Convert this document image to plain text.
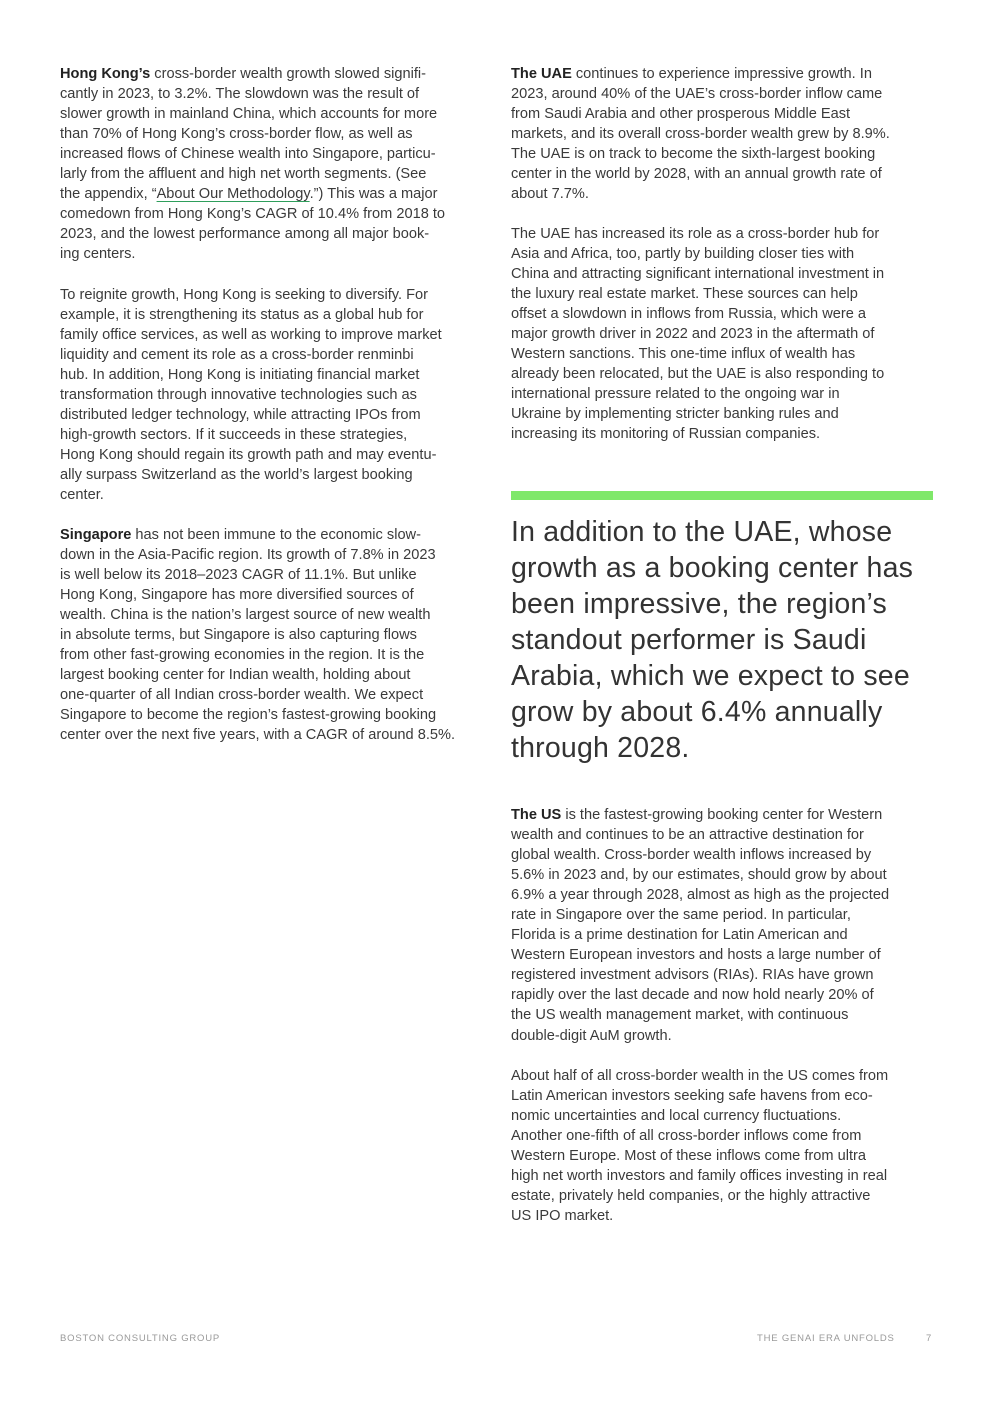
Hong Kong’s cross-border wealth growth slowed signifi-
cantly in 2023, to 3.2%. The slowdown was the result of
slower growth in mainland China, which accounts for more
than 70% of Hong Kong’s cross-border flow, as well as
increased flows of Chinese wealth into Singapore, particu-
larly from the affluent and high net worth segments. (See
the appendix, “About Our Methodology.”) This was a major
comedown from Hong Kong’s CAGR of 10.4% from 2018 to
2023, and the lowest performance among all major book-
ing centers.

To reignite growth, Hong Kong is seeking to diversify. For
example, it is strengthening its status as a global hub for
family office services, as well as working to improve market
liquidity and cement its role as a cross-border renminbi
hub. In addition, Hong Kong is initiating financial market
transformation through innovative technologies such as
distributed ledger technology, while attracting IPOs from
high-growth sectors. If it succeeds in these strategies,
Hong Kong should regain its growth path and may eventu-
ally surpass Switzerland as the world’s largest booking
center.

Singapore has not been immune to the economic slow-
down in the Asia-Pacific region. Its growth of 7.8% in 2023
is well below its 2018–2023 CAGR of 11.1%. But unlike
Hong Kong, Singapore has more diversified sources of
wealth. China is the nation’s largest source of new wealth
in absolute terms, but Singapore is also capturing flows
from other fast-growing economies in the region. It is the
largest booking center for Indian wealth, holding about
one-quarter of all Indian cross-border wealth. We expect
Singapore to become the region’s fastest-growing booking
center over the next five years, with a CAGR of around 8.5%.

The UAE continues to experience impressive growth. In
2023, around 40% of the UAE’s cross-border inflow came
from Saudi Arabia and other prosperous Middle East
markets, and its overall cross-border wealth grew by 8.9%.
The UAE is on track to become the sixth-largest booking
center in the world by 2028, with an annual growth rate of
about 7.7%.

The UAE has increased its role as a cross-border hub for
Asia and Africa, too, partly by building closer ties with
China and attracting significant international investment in
the luxury real estate market. These sources can help
offset a slowdown in inflows from Russia, which were a
major growth driver in 2022 and 2023 in the aftermath of
Western sanctions. This one-time influx of wealth has
already been relocated, but the UAE is also responding to
international pressure related to the ongoing war in
Ukraine by implementing stricter banking rules and
increasing its monitoring of Russian companies.

The US is the fastest-growing booking center for Western
wealth and continues to be an attractive destination for
global wealth. Cross-border wealth inflows increased by
5.6% in 2023 and, by our estimates, should grow by about
6.9% a year through 2028, almost as high as the projected
rate in Singapore over the same period. In particular,
Florida is a prime destination for Latin American and
Western European investors and hosts a large number of
registered investment advisors (RIAs). RIAs have grown
rapidly over the last decade and now hold nearly 20% of
the US wealth management market, with continuous
double-digit AuM growth.

About half of all cross-border wealth in the US comes from
Latin American investors seeking safe havens from eco-
nomic uncertainties and local currency fluctuations.
Another one-fifth of all cross-border inflows come from
Western Europe. Most of these inflows come from ultra
high net worth investors and family offices investing in real
estate, privately held companies, or the highly attractive
US IPO market.

In addition to the UAE, whose
growth as a booking center has
been impressive, the region’s
standout performer is Saudi
Arabia, which we expect to see
grow by about 6.4% annually
through 2028.

BOSTON CONSULTING GROUP	THE GENAI ERA UNFOLDS	7
